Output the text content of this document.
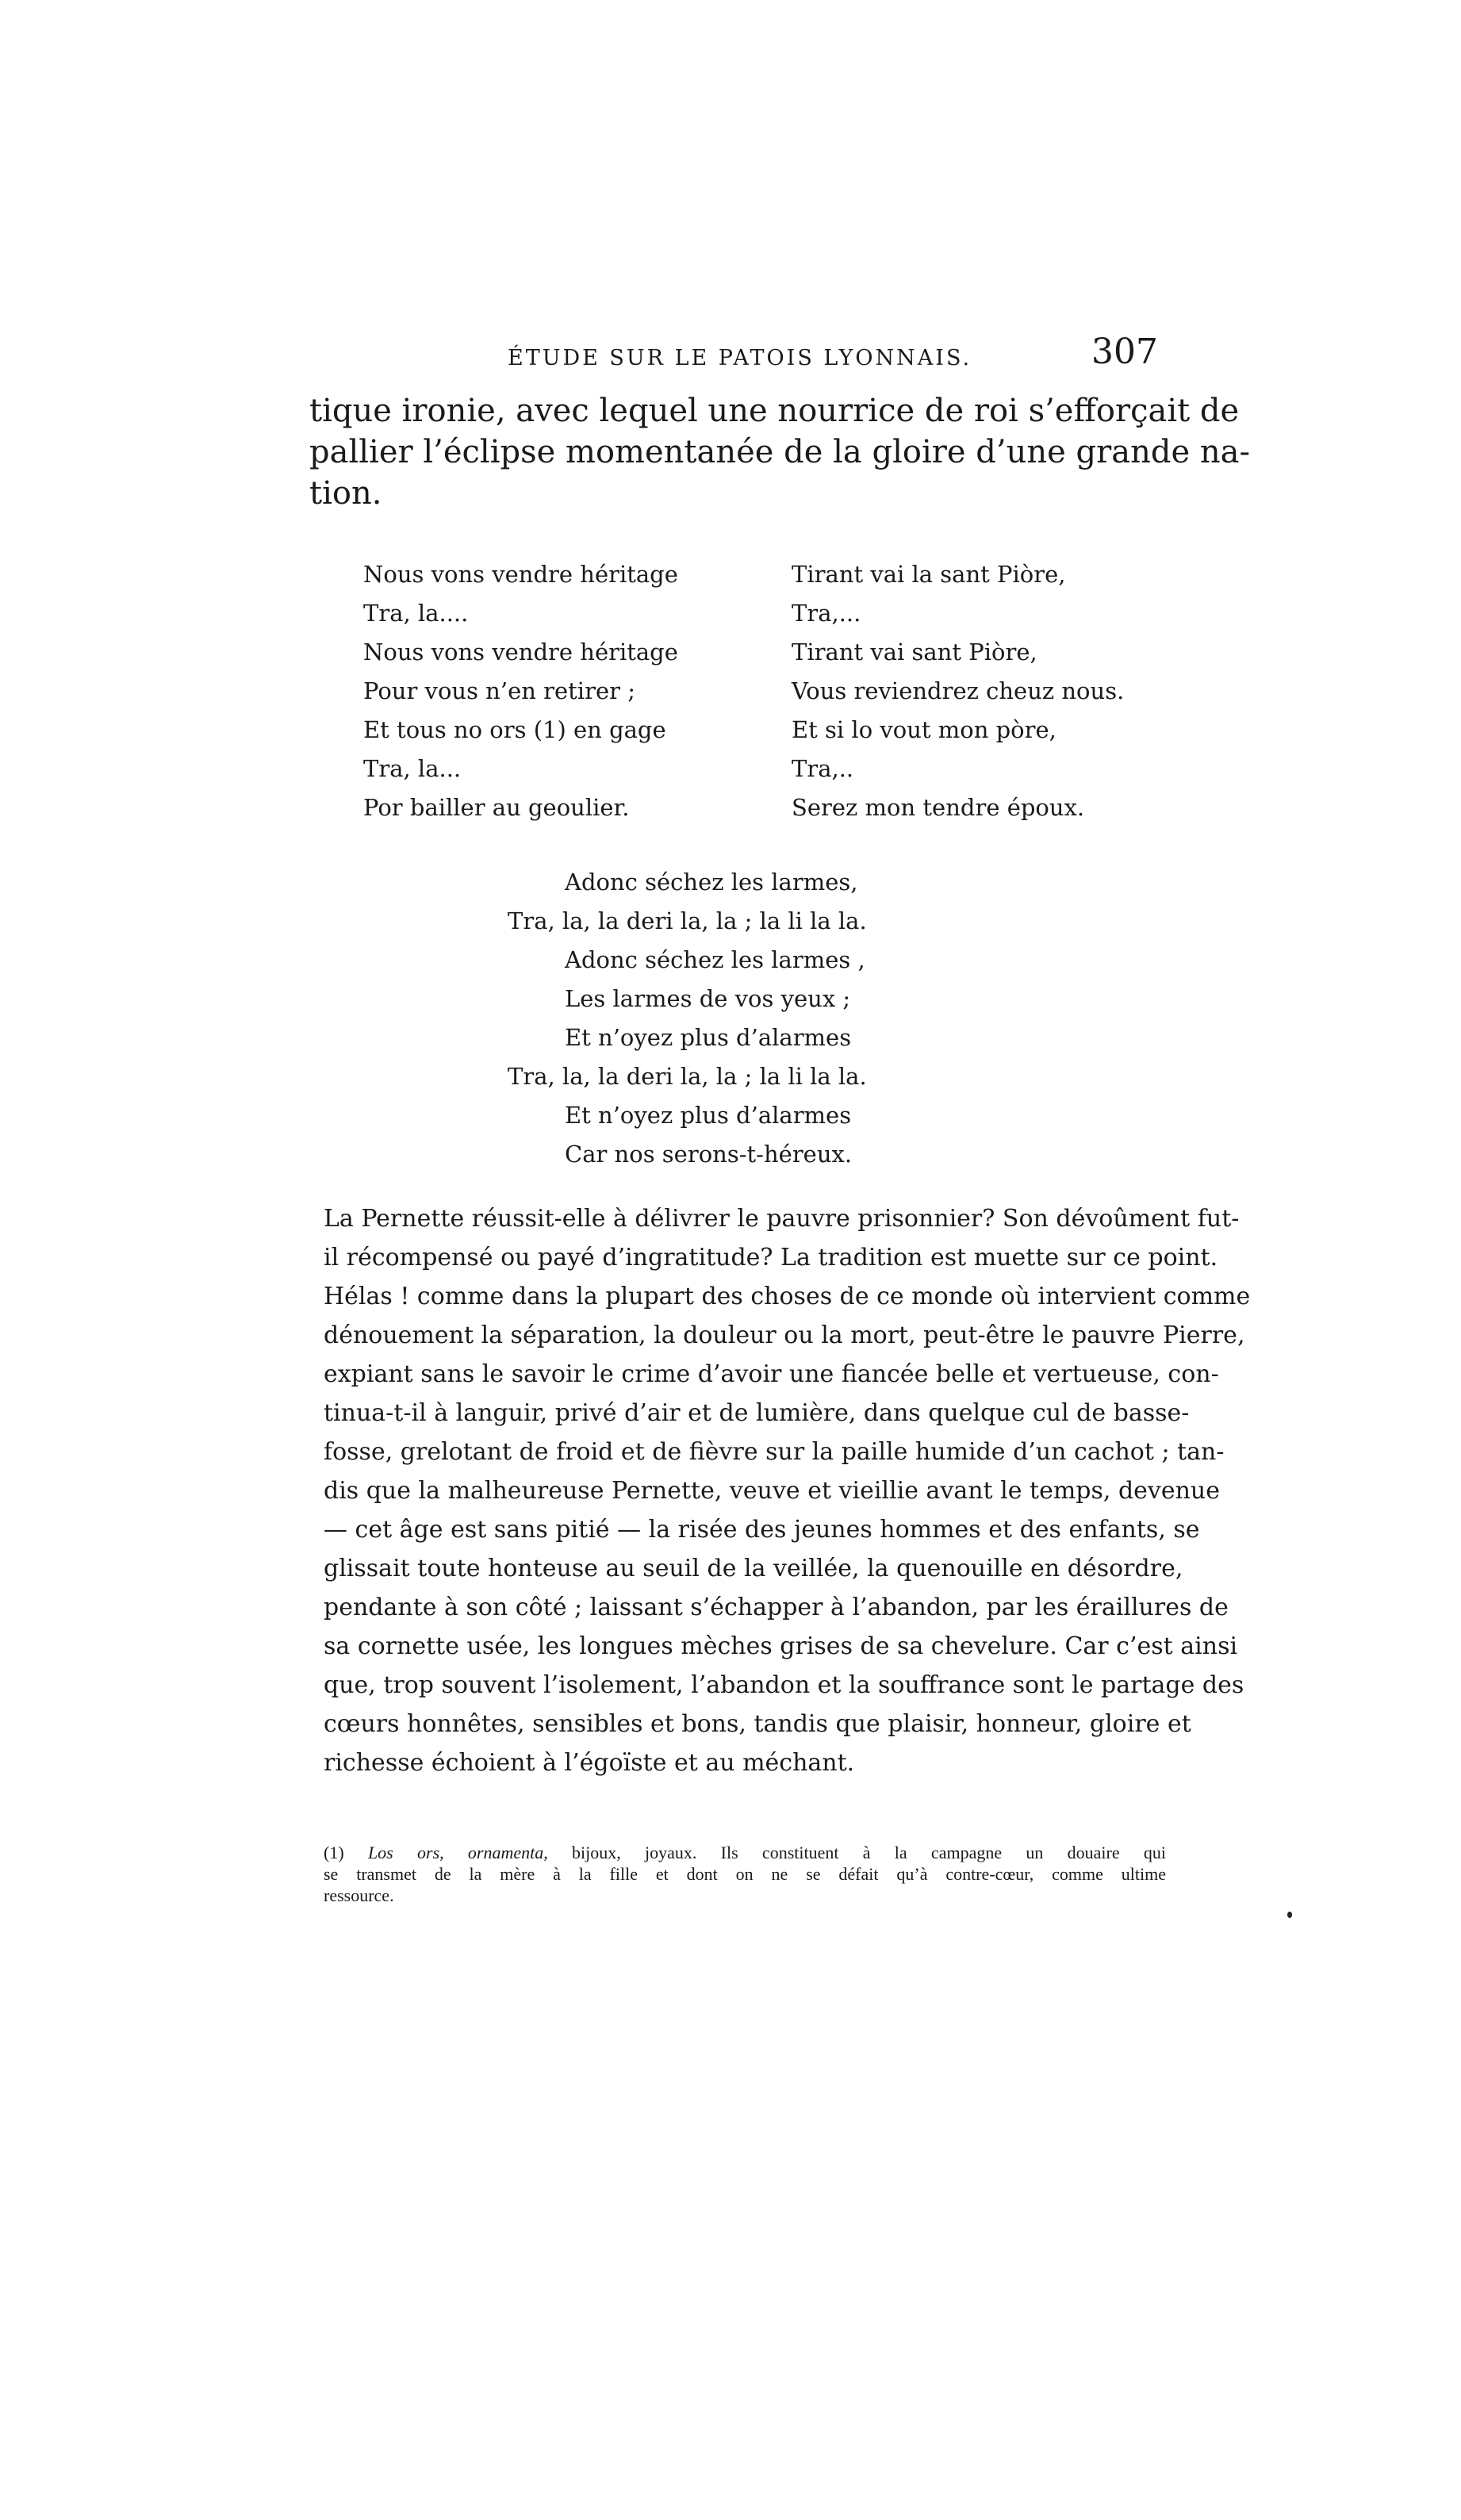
ÉTUDE SUR LE PATOIS LYONNAIS.	307
tique ironie, avec lequel une nourrice de roi s’efforçait de
pallier l’éclipse momentanée de la gloire d’une grande na-
tion.
Nous vons vendre héritage
Tra, la....
Nous vons vendre héritage
Pour vous n’en retirer ;
Et tous no ors (1) en gage
Tra, la...
Por bailler au geoulier.
Tirant vai la sant Piòre,
Tra,...
Tirant vai sant Piòre,
Vous reviendrez cheuz nous.
Et si lo vout mon pòre,
Tra,..
Serez mon tendre époux.
Adonc séchez les larmes,
Tra, la, la deri la, la ; la li la la.
Adonc séchez les larmes ,
Les larmes de vos yeux ;
Et n’oyez plus d’alarmes
Tra, la, la deri la, la ; la li la la.
Et n’oyez plus d’alarmes
Car nos serons-t-héreux.
La Pernette réussit-elle à délivrer le pauvre prisonnier? Son dévoûment fut-
il récompensé ou payé d’ingratitude? La tradition est muette sur ce point.
Hélas ! comme dans la plupart des choses de ce monde où intervient comme
dénouement la séparation, la douleur ou la mort, peut-être le pauvre Pierre,
expiant sans le savoir le crime d’avoir une fiancée belle et vertueuse, con-
tinua-t-il à languir, privé d’air et de lumière, dans quelque cul de basse-
fosse, grelotant de froid et de fièvre sur la paille humide d’un cachot ; tan-
dis que la malheureuse Pernette, veuve et vieillie avant le temps, devenue
— cet âge est sans pitié — la risée des jeunes hommes et des enfants, se
glissait toute honteuse au seuil de la veillée, la quenouille en désordre,
pendante à son côté ; laissant s’échapper à l’abandon, par les éraillures de
sa cornette usée, les longues mèches grises de sa chevelure. Car c’est ainsi
que, trop souvent l’isolement, l’abandon et la souffrance sont le partage des
cœurs honnêtes, sensibles et bons, tandis que plaisir, honneur, gloire et
richesse échoient à l’égoïste et au méchant.
(1) Los ors, ornamenta, bijoux, joyaux. Ils constituent à la campagne un douaire qui
se transmet de la mère à la fille et dont on ne se défait qu’à contre-cœur, comme ultime
ressource.
